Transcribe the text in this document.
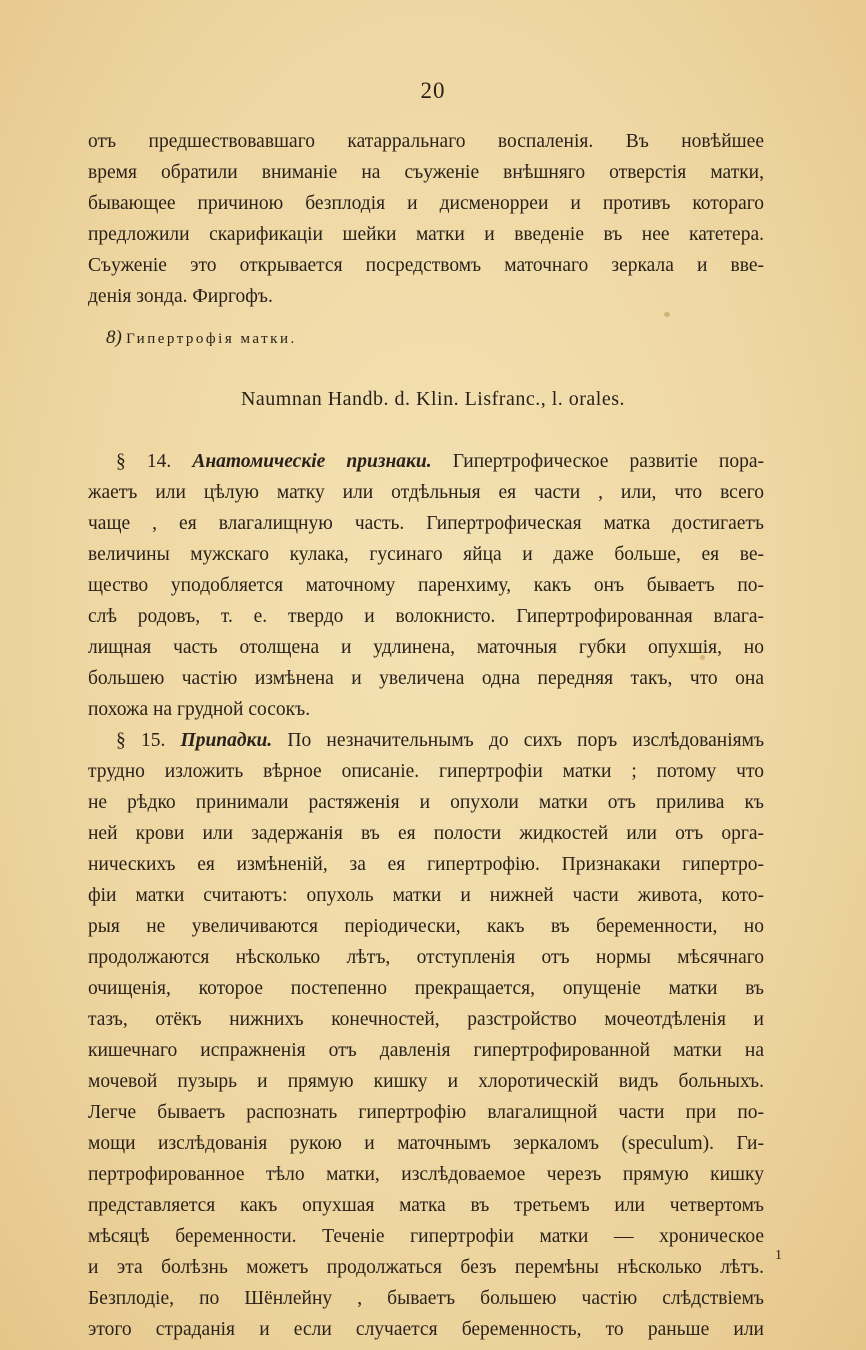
20
отъ предшествовавшаго катарральнаго воспаленія. Въ новѣйшее
время обратили вниманіе на съуженіе внѣшняго отверстія матки,
бывающее причиною безплодія и дисменорреи и противъ котораго
предложили скарификаціи шейки матки и введеніе въ нее катетера.
Съуженіе это открывается посредствомъ маточнаго зеркала и вве-
денія зонда. Фиргофъ.
8) Гипертрофія матки.
Naumnan Handb. d. Klin. Lisfranc., l. orales.
§ 14. Анатомическіе признаки. Гипертрофическое развитіе пора-
жаетъ или цѣлую матку или отдѣльныя ея части , или, что всего
чаще , ея влагалищную часть. Гипертрофическая матка достигаетъ
величины мужскаго кулака, гусинаго яйца и даже больше, ея ве-
щество уподобляется маточному паренхиму, какъ онъ бываетъ по-
слѣ родовъ, т. е. твердо и волокнисто. Гипертрофированная влага-
лищная часть отолщена и удлинена, маточныя губки опухшія, но
большею частію измѣнена и увеличена одна передняя такъ, что она
похожа на грудной сосокъ.
§ 15. Припадки. По незначительнымъ до сихъ поръ изслѣдованіямъ
трудно изложить вѣрное описаніе. гипертрофіи матки ; потому что
не рѣдко принимали растяженія и опухоли матки отъ прилива къ
ней крови или задержанія въ ея полости жидкостей или отъ орга-
ническихъ ея измѣненій, за ея гипертрофію. Признакаки гипертро-
фіи матки считаютъ: опухоль матки и нижней части живота, кото-
рыя не увеличиваются періодически, какъ въ беременности, но
продолжаются нѣсколько лѣтъ, отступленія отъ нормы мѣсячнаго
очищенія, которое постепенно прекращается, опущеніе матки въ
тазъ, отёкъ нижнихъ конечностей, разстройство мочеотдѣленія и
кишечнаго испражненія отъ давленія гипертрофированной матки на
мочевой пузырь и прямую кишку и хлоротическій видъ больныхъ.
Легче бываетъ распознать гипертрофію влагалищной части при по-
мощи изслѣдованія рукою и маточнымъ зеркаломъ (speculum). Ги-
пертрофированное тѣло матки, изслѣдоваемое черезъ прямую кишку
представляется какъ опухшая матка въ третьемъ или четвертомъ
мѣсяцѣ беременности. Теченіе гипертрофіи матки — хроническое
и эта болѣзнь можетъ продолжаться безъ перемѣны нѣсколько лѣтъ.
Безплодіе, по Шёнлейну , бываетъ большею частію слѣдствіемъ
этого страданія и если случается беременность, то раньше или
1
